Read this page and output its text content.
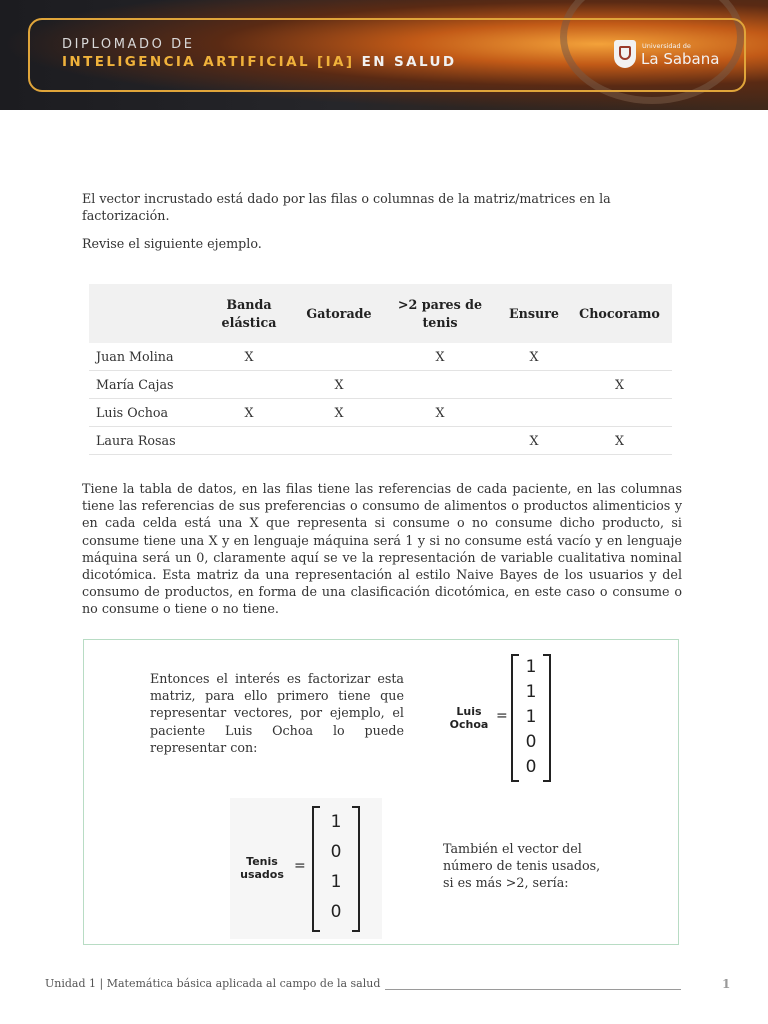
DIPLOMADO DE
INTELIGENCIA ARTIFICIAL [IA] EN SALUD
Universidad de
La Sabana
El vector incrustado está dado por las filas o columnas de la matriz/matrices en la factorización.
Revise el siguiente ejemplo.
	Banda elástica	Gatorade	>2 pares de tenis	Ensure	Chocoramo
Juan Molina	X		X	X	
María Cajas		X			X
Luis Ochoa	X	X	X		
Laura Rosas				X	X
Tiene la tabla de datos, en las filas tiene las referencias de cada paciente, en las columnas tiene las referencias de sus preferencias o consumo de alimentos o productos alimenticios y en cada celda está una X que representa si consume o no consume dicho producto, si consume tiene una X y en lenguaje máquina será 1 y si no consume está vacío y en lenguaje máquina será un 0, claramente aquí se ve la representación de variable cualitativa nominal dicotómica. Esta matriz da una representación al estilo Naive Bayes de los usuarios y del consumo de productos, en forma de una clasificación dicotómica, en este caso o consume o no consume o tiene o no tiene.
Entonces el interés es factorizar esta matriz, para ello primero tiene que representar vectores, por ejemplo, el paciente Luis Ochoa lo puede representar con:
Luis
Ochoa
=
1
1
1
0
0
Tenis
usados
=
1
0
1
0
También el vector del número de tenis usados, si es más >2, sería:
Unidad 1 | Matemática básica aplicada al campo de la salud	1
